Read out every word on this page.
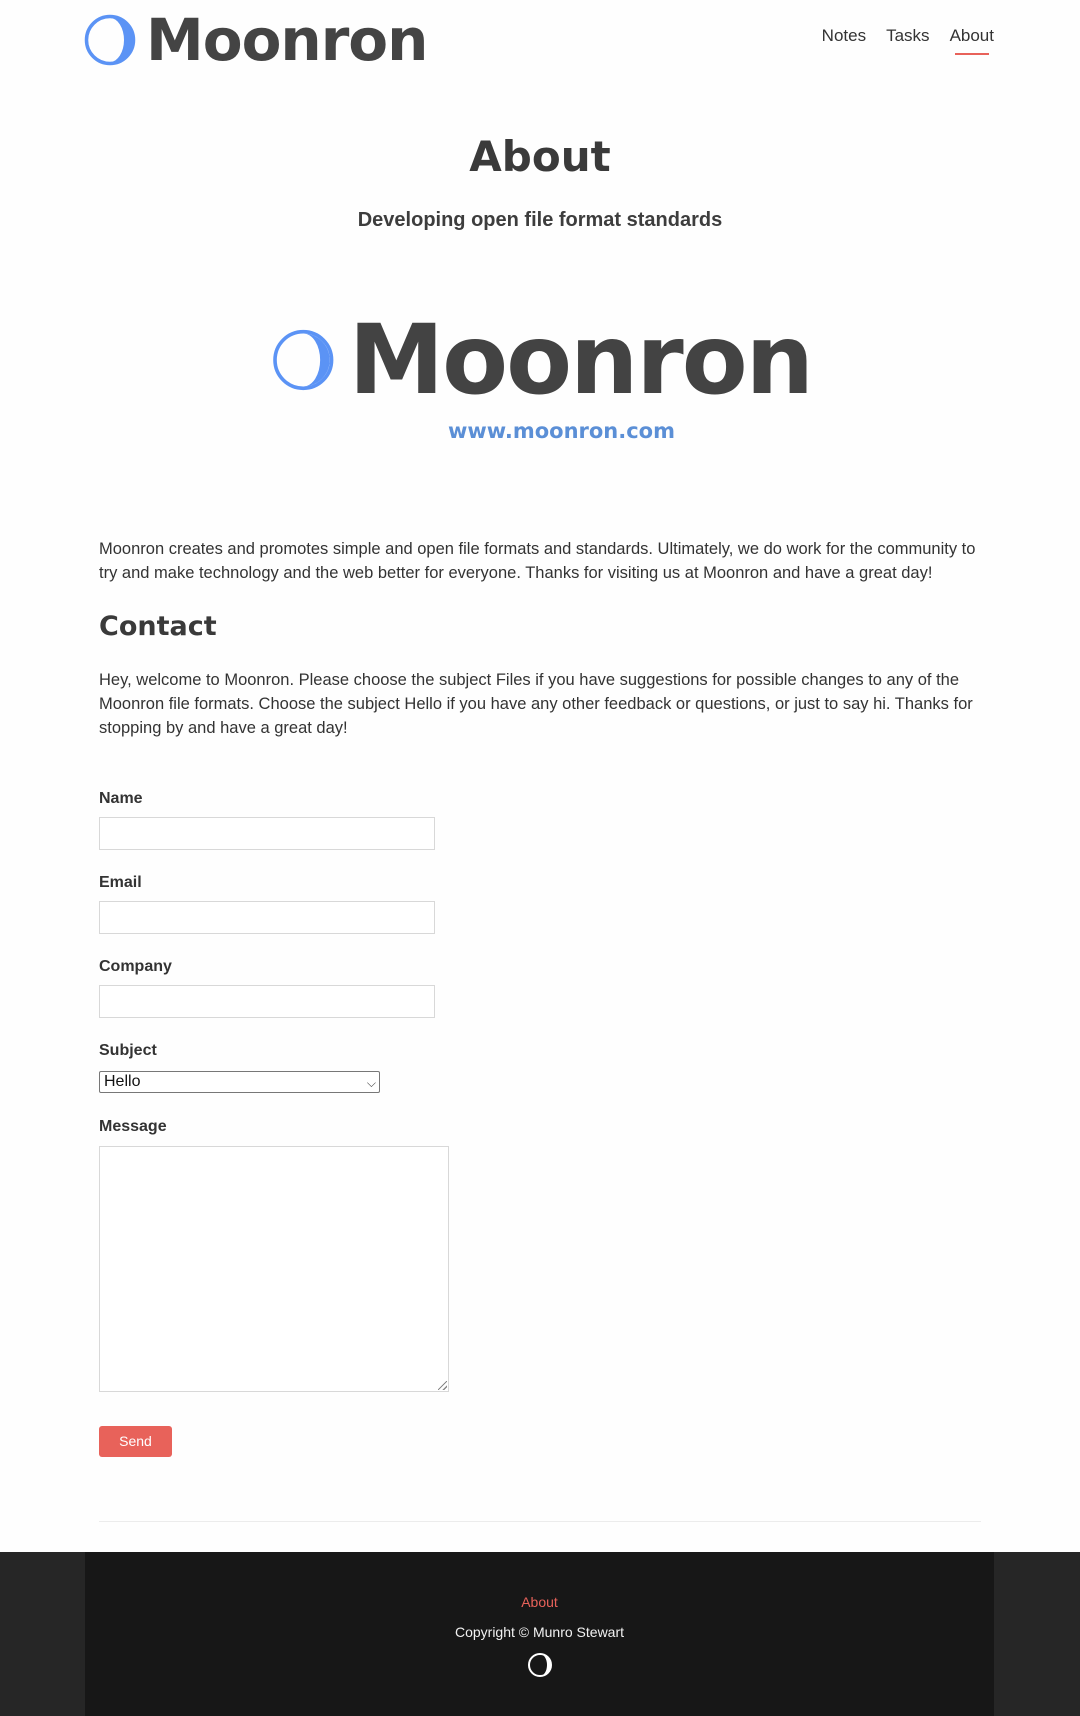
Moonron	Notes Tasks About
About
Developing open file format standards
Moonron
www.moonron.com

Moonron creates and promotes simple and open file formats and standards. Ultimately, we do work for the community to try and make technology and the web better for everyone. Thanks for visiting us at Moonron and have a great day!

Contact

Hey, welcome to Moonron. Please choose the subject Files if you have suggestions for possible changes to any of the Moonron file formats. Choose the subject Hello if you have any other feedback or questions, or just to say hi. Thanks for stopping by and have a great day!

Name
Email
Company
Subject
Hello	⌵
Message
Send
About
Copyright © Munro Stewart
